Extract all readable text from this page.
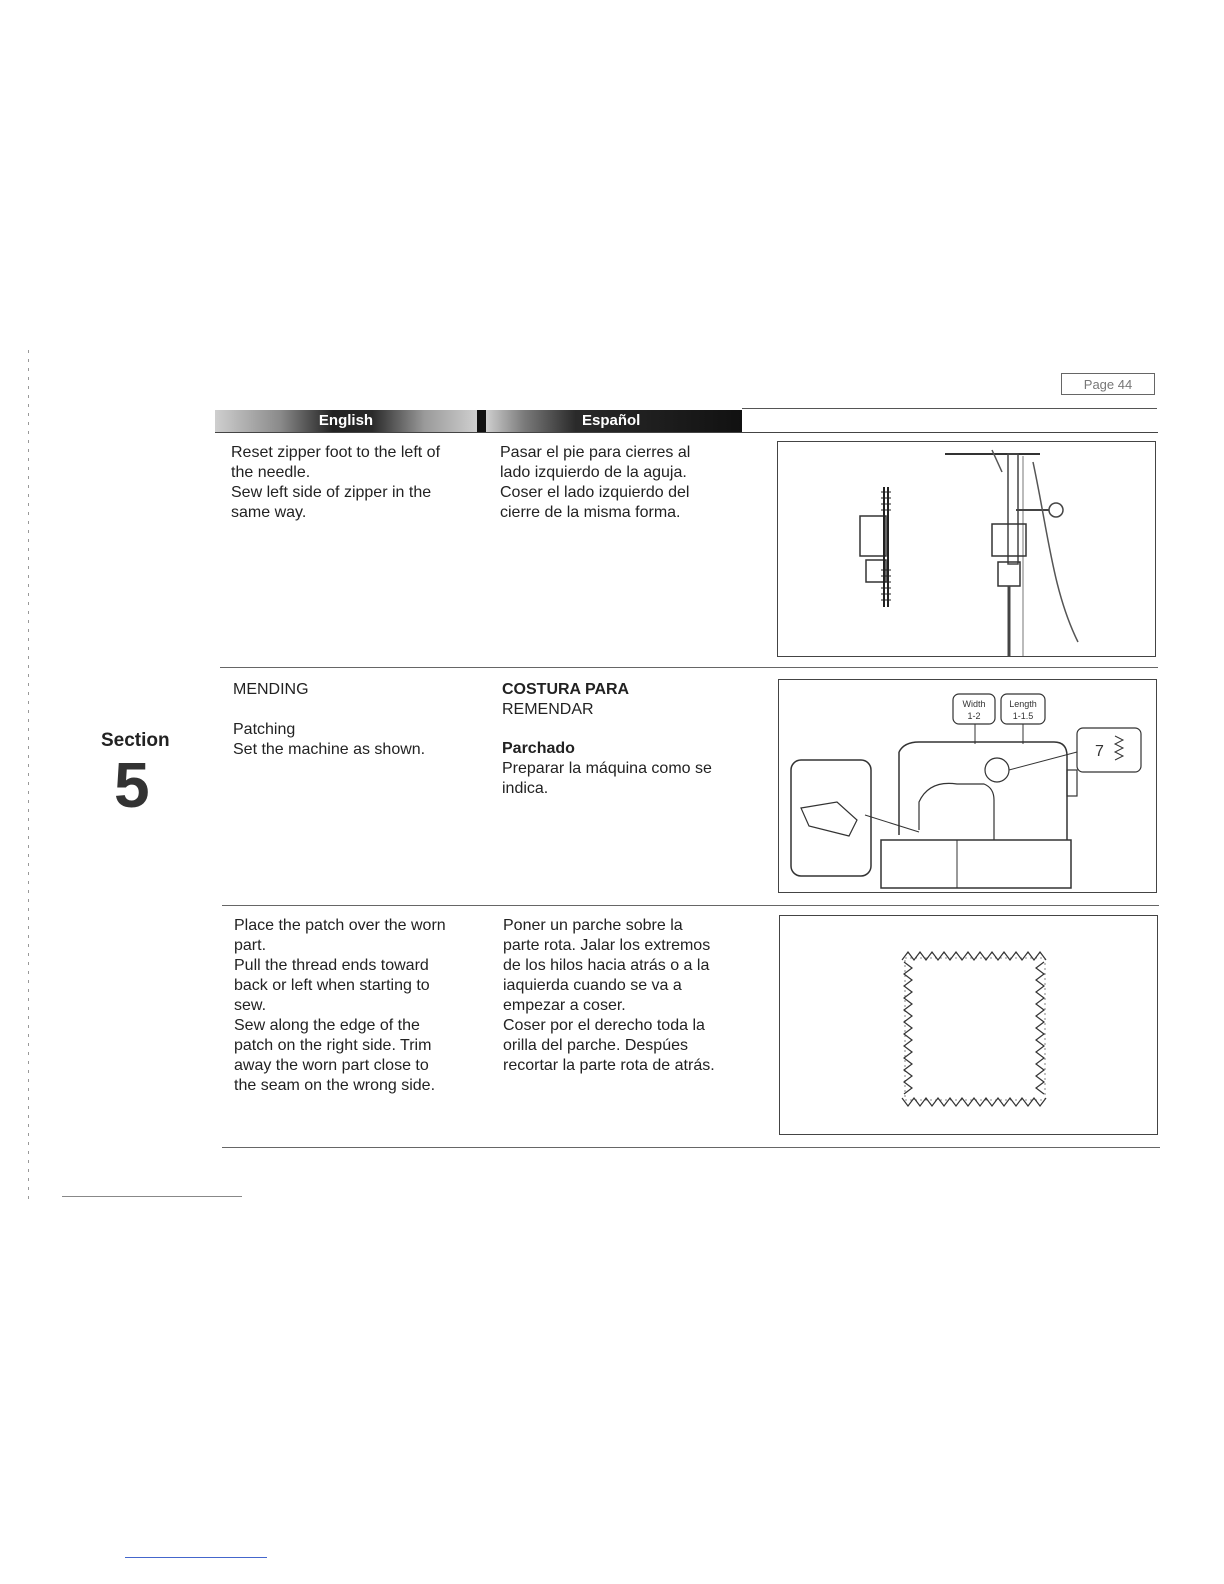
Page 44
English	Español
Section
5
Reset zipper foot to the left of
the needle.
Sew left side of zipper in the
same way.
Pasar el pie para cierres al
lado izquierdo de la aguja.
Coser el lado izquierdo del
cierre de la misma forma.
MENDING
Patching
Set the machine as shown.
COSTURA PARA
REMENDAR
Parchado
Preparar la máquina como se
indica.
Width
1-2
Length
1-1.5
7
Place the patch over the worn
part.
Pull the thread ends toward
back or left when starting to
sew.
Sew along the edge of the
patch on the right side. Trim
away the worn part close to
the seam on the wrong side.
Poner un parche sobre la
parte rota. Jalar los extremos
de los hilos hacia atrás o a la
iaquierda cuando se va a
empezar a coser.
Coser por el derecho toda la
orilla del parche. Despúes
recortar la parte rota de atrás.
